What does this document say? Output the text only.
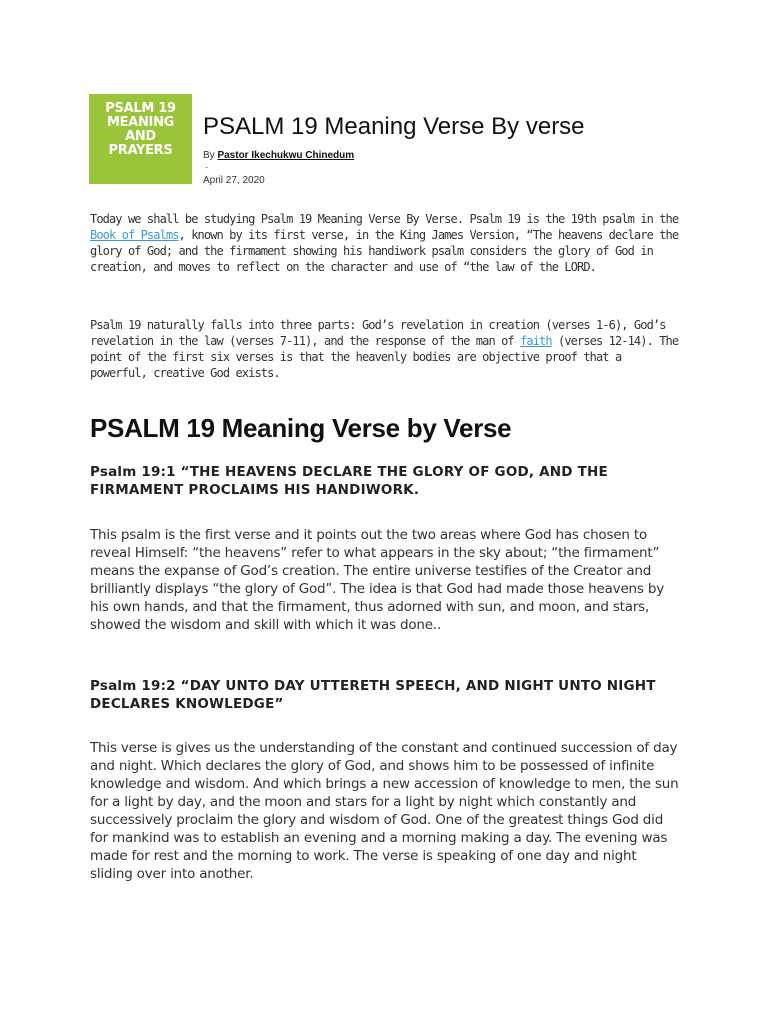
PSALM 19
MEANING
AND
PRAYERS
PSALM 19 Meaning Verse By verse
By Pastor Ikechukwu Chinedum
-
April 27, 2020

Today we shall be studying Psalm 19 Meaning Verse By Verse. Psalm 19 is the 19th psalm in the Book of Psalms, known by its first verse, in the King James Version, “The heavens declare the glory of God; and the firmament showing his handiwork psalm considers the glory of God in creation, and moves to reflect on the character and use of “the law of the LORD.

Psalm 19 naturally falls into three parts: God’s revelation in creation (verses 1-6), God’s revelation in the law (verses 7-11), and the response of the man of faith (verses 12-14). The point of the first six verses is that the heavenly bodies are objective proof that a powerful, creative God exists.

PSALM 19 Meaning Verse by Verse
Psalm 19:1 “THE HEAVENS DECLARE THE GLORY OF GOD, AND THE FIRMAMENT PROCLAIMS HIS HANDIWORK.

This psalm is the first verse and it points out the two areas where God has chosen to reveal Himself: “the heavens” refer to what appears in the sky about; “the firmament” means the expanse of God’s creation. The entire universe testifies of the Creator and brilliantly displays “the glory of God”. The idea is that God had made those heavens by his own hands, and that the firmament, thus adorned with sun, and moon, and stars, showed the wisdom and skill with which it was done..

Psalm 19:2 “DAY UNTO DAY UTTERETH SPEECH, AND NIGHT UNTO NIGHT DECLARES KNOWLEDGE”

This verse is gives us the understanding of the constant and continued succession of day and night. Which declares the glory of God, and shows him to be possessed of infinite knowledge and wisdom. And which brings a new accession of knowledge to men, the sun for a light by day, and the moon and stars for a light by night which constantly and successively proclaim the glory and wisdom of God. One of the greatest things God did for mankind was to establish an evening and a morning making a day. The evening was made for rest and the morning to work. The verse is speaking of one day and night sliding over into another.
